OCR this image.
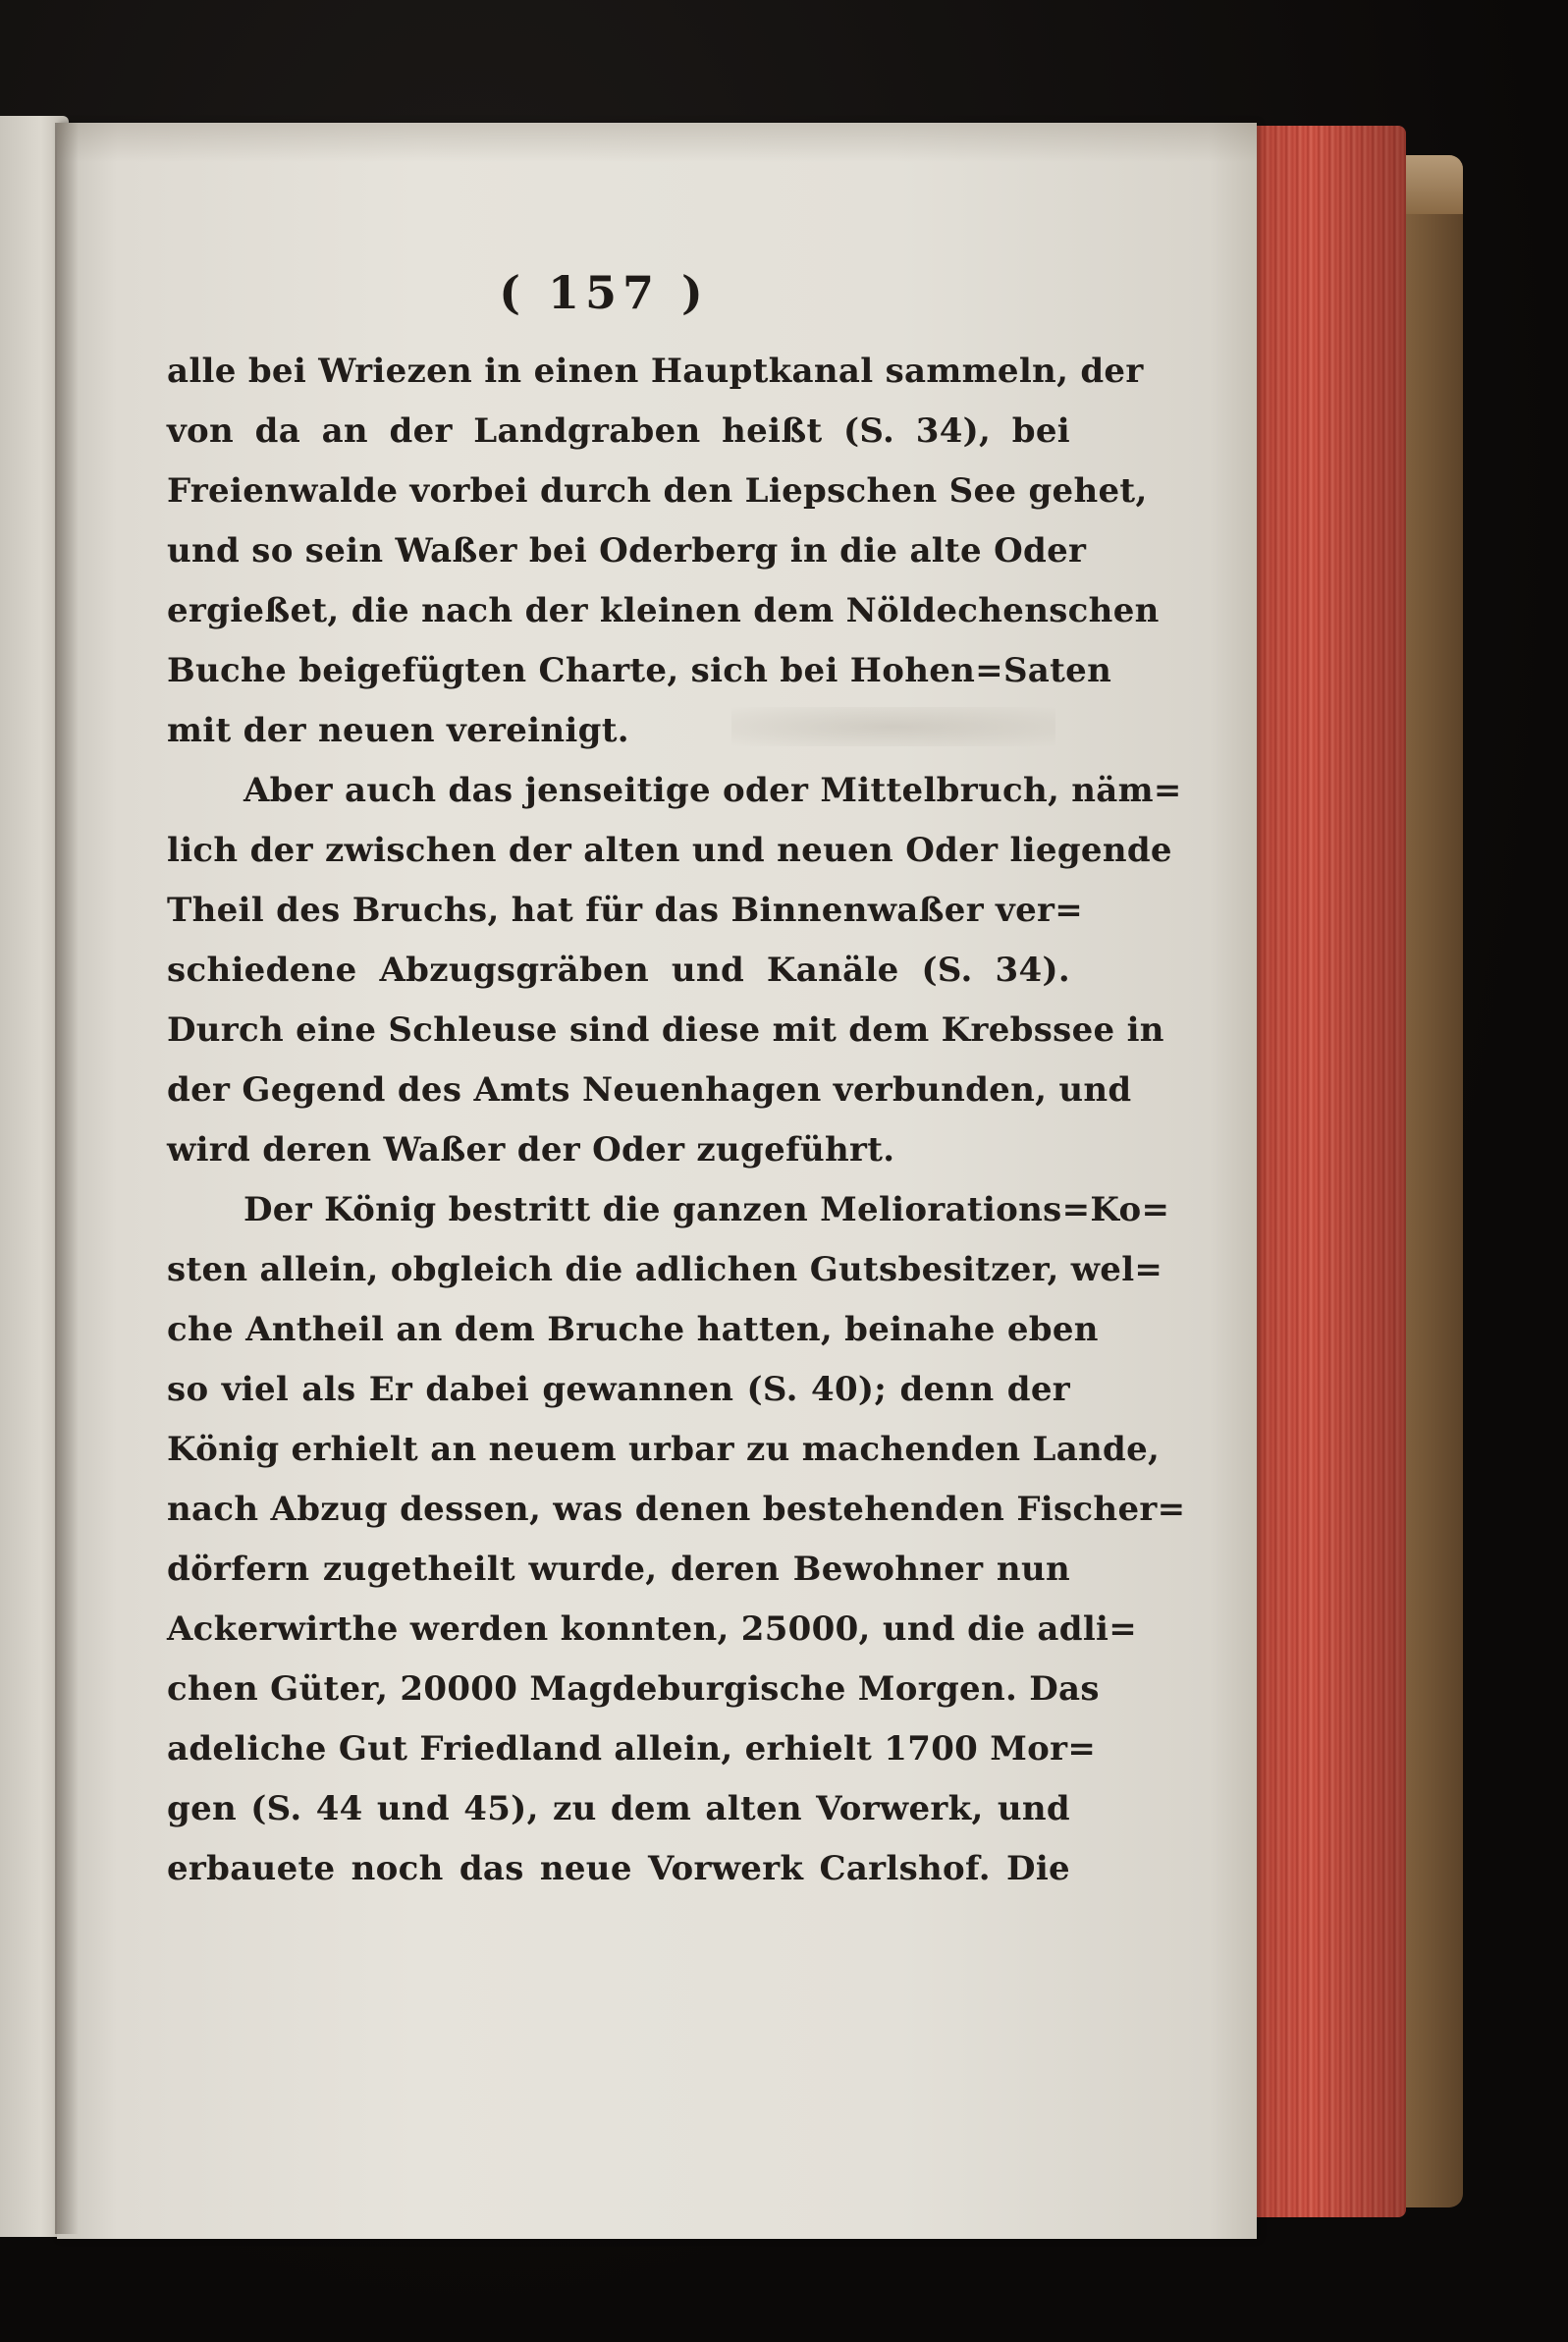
( 157 )
alle bei Wriezen in einen Hauptkanal sammeln, der
von da an der Landgraben heißt (S. 34), bei
Freienwalde vorbei durch den Liepschen See gehet,
und so sein Waßer bei Oderberg in die alte Oder
ergießet, die nach der kleinen dem Nöldechenschen
Buche beigefügten Charte, sich bei Hohen=Saten
mit der neuen vereinigt.
Aber auch das jenseitige oder Mittelbruch, näm=
lich der zwischen der alten und neuen Oder liegende
Theil des Bruchs, hat für das Binnenwaßer ver=
schiedene Abzugsgräben und Kanäle (S. 34).
Durch eine Schleuse sind diese mit dem Krebssee in
der Gegend des Amts Neuenhagen verbunden, und
wird deren Waßer der Oder zugeführt.
Der König bestritt die ganzen Meliorations=Ko=
sten allein, obgleich die adlichen Gutsbesitzer, wel=
che Antheil an dem Bruche hatten, beinahe eben
so viel als Er dabei gewannen (S. 40); denn der
König erhielt an neuem urbar zu machenden Lande,
nach Abzug dessen, was denen bestehenden Fischer=
dörfern zugetheilt wurde, deren Bewohner nun
Ackerwirthe werden konnten, 25000, und die adli=
chen Güter, 20000 Magdeburgische Morgen. Das
adeliche Gut Friedland allein, erhielt 1700 Mor=
gen (S. 44 und 45), zu dem alten Vorwerk, und
erbauete noch das neue Vorwerk Carlshof. Die
